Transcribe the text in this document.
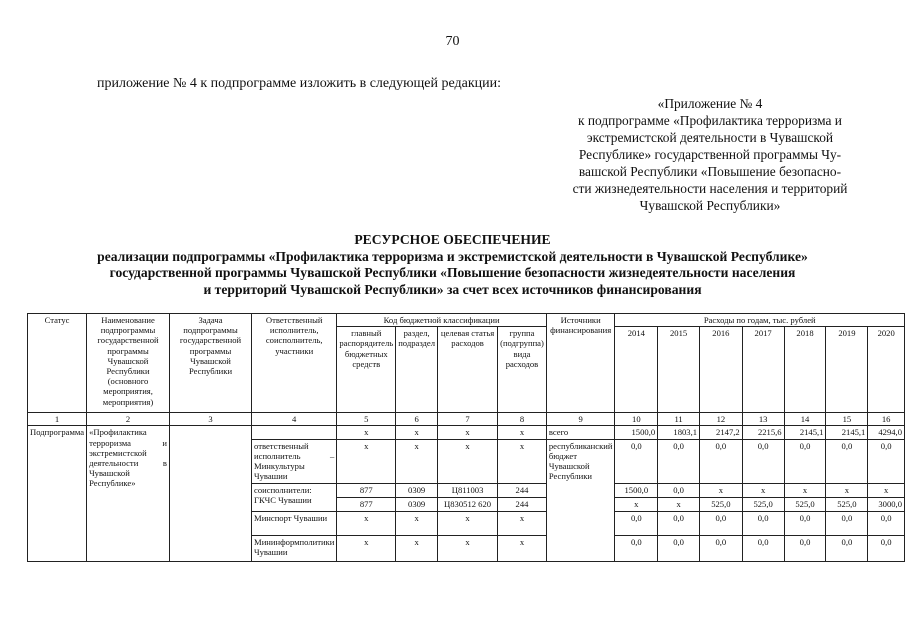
70
приложение № 4 к подпрограмме изложить в следующей редакции:
«Приложение № 4
к подпрограмме «Профилактика терроризма и
экстремистской деятельности в Чувашской
Республике» государственной программы Чу-
вашской Республики «Повышение безопасно-
сти жизнедеятельности населения и территорий
Чувашской Республики»
РЕСУРСНОЕ ОБЕСПЕЧЕНИЕ
реализации подпрограммы «Профилактика терроризма и экстремистской деятельности в Чувашской Республике»
государственной программы Чувашской Республики «Повышение безопасности жизнедеятельности населения
и территорий Чувашской Республики» за счет всех источников финансирования
Статус	Наименование подпрограммы государственной программы Чувашской Республики (основного мероприятия, мероприятия)	Задача подпрограммы государственной программы Чувашской Республики	Ответственный исполнитель, соисполнитель, участники	Код бюджетной классификации				Источники финансирования	Расходы по годам, тыс. рублей						
				главный распорядитель бюджетных средств	раздел, подраздел	целевая статья расходов	группа (подгруппа) вида расходов		2014	2015	2016	2017	2018	2019	2020
1	2	3	4	5	6	7	8	9	10	11	12	13	14	15	16
Подпрограмма	«Профилактика терроризма и экстремистской деятельности в Чувашской Республике»			x	x	x	x	всего	1500,0	1803,1	2147,2	2215,6	2145,1	2145,1	4294,0
			ответственный исполнитель – Минкультуры Чувашии	x	x	x	x	республиканский бюджет Чувашской Республики	0,0	0,0	0,0	0,0	0,0	0,0	0,0
			соисполнители: ГКЧС Чувашии	877	0309	Ц811003	244		1500,0	0,0	x	x	x	x	x
				877	0309	Ц830512 620	244		x	x	525,0	525,0	525,0	525,0	3000,0
			Минспорт Чувашии	x	x	x	x		0,0	0,0	0,0	0,0	0,0	0,0	0,0
			Мининформполитики Чувашии	x	x	x	x		0,0	0,0	0,0	0,0	0,0	0,0	0,0
